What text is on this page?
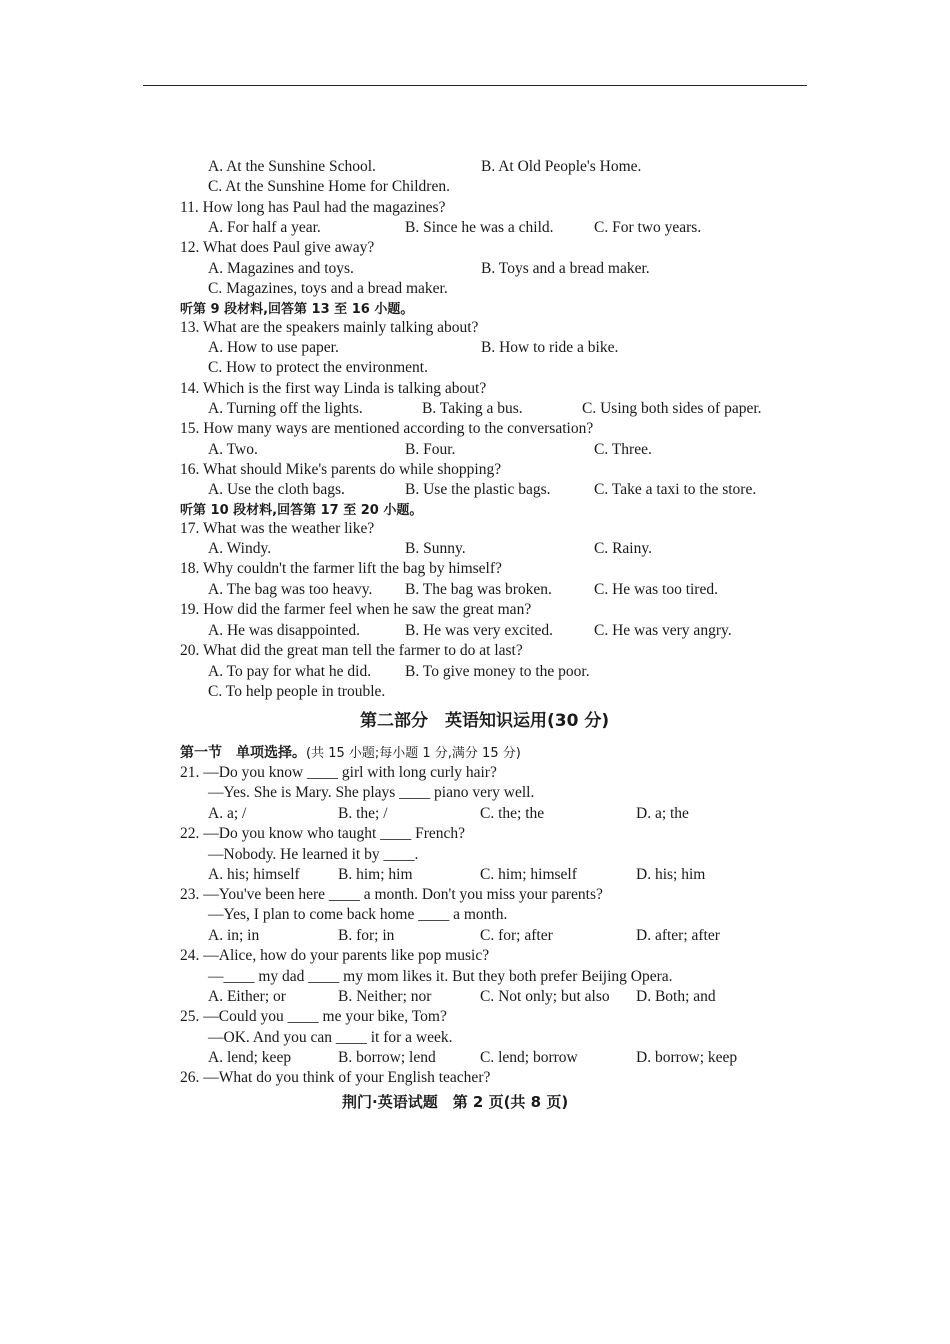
A. At the Sunshine School.	B. At Old People's Home.
C. At the Sunshine Home for Children.
11. How long has Paul had the magazines?
A. For half a year.	B. Since he was a child.	C. For two years.
12. What does Paul give away?
A. Magazines and toys.	B. Toys and a bread maker.
C. Magazines, toys and a bread maker.
听第 9 段材料,回答第 13 至 16 小题。
13. What are the speakers mainly talking about?
A. How to use paper.	B. How to ride a bike.
C. How to protect the environment.
14. Which is the first way Linda is talking about?
A. Turning off the lights.	B. Taking a bus.	C. Using both sides of paper.
15. How many ways are mentioned according to the conversation?
A. Two.	B. Four.	C. Three.
16. What should Mike's parents do while shopping?
A. Use the cloth bags.	B. Use the plastic bags.	C. Take a taxi to the store.
听第 10 段材料,回答第 17 至 20 小题。
17. What was the weather like?
A. Windy.	B. Sunny.	C. Rainy.
18. Why couldn't the farmer lift the bag by himself?
A. The bag was too heavy. B. The bag was broken.	C. He was too tired.
19. How did the farmer feel when he saw the great man?
A. He was disappointed.	B. He was very excited.	C. He was very angry.
20. What did the great man tell the farmer to do at last?
A. To pay for what he did. B. To give money to the poor.
C. To help people in trouble.
第二部分　英语知识运用(30 分)
第一节　单项选择。(共 15 小题;每小题 1 分,满分 15 分)
21. —Do you know ____ girl with long curly hair?
—Yes. She is Mary. She plays ____ piano very well.
A. a; /	B. the; /	C. the; the	D. a; the
22. —Do you know who taught ____ French?
—Nobody. He learned it by ____.
A. his; himself B. him; him	C. him; himself	D. his; him
23. —You've been here ____ a month. Don't you miss your parents?
—Yes, I plan to come back home ____ a month.
A. in; in	B. for; in	C. for; after	D. after; after
24. —Alice, how do your parents like pop music?
—____ my dad ____ my mom likes it. But they both prefer Beijing Opera.
A. Either; or	B. Neither; nor	C. Not only; but also D. Both; and
25. —Could you ____ me your bike, Tom?
—OK. And you can ____ it for a week.
A. lend; keep	B. borrow; lend	C. lend; borrow	D. borrow; keep
26. —What do you think of your English teacher?
荆门·英语试题　第 2 页(共 8 页)
